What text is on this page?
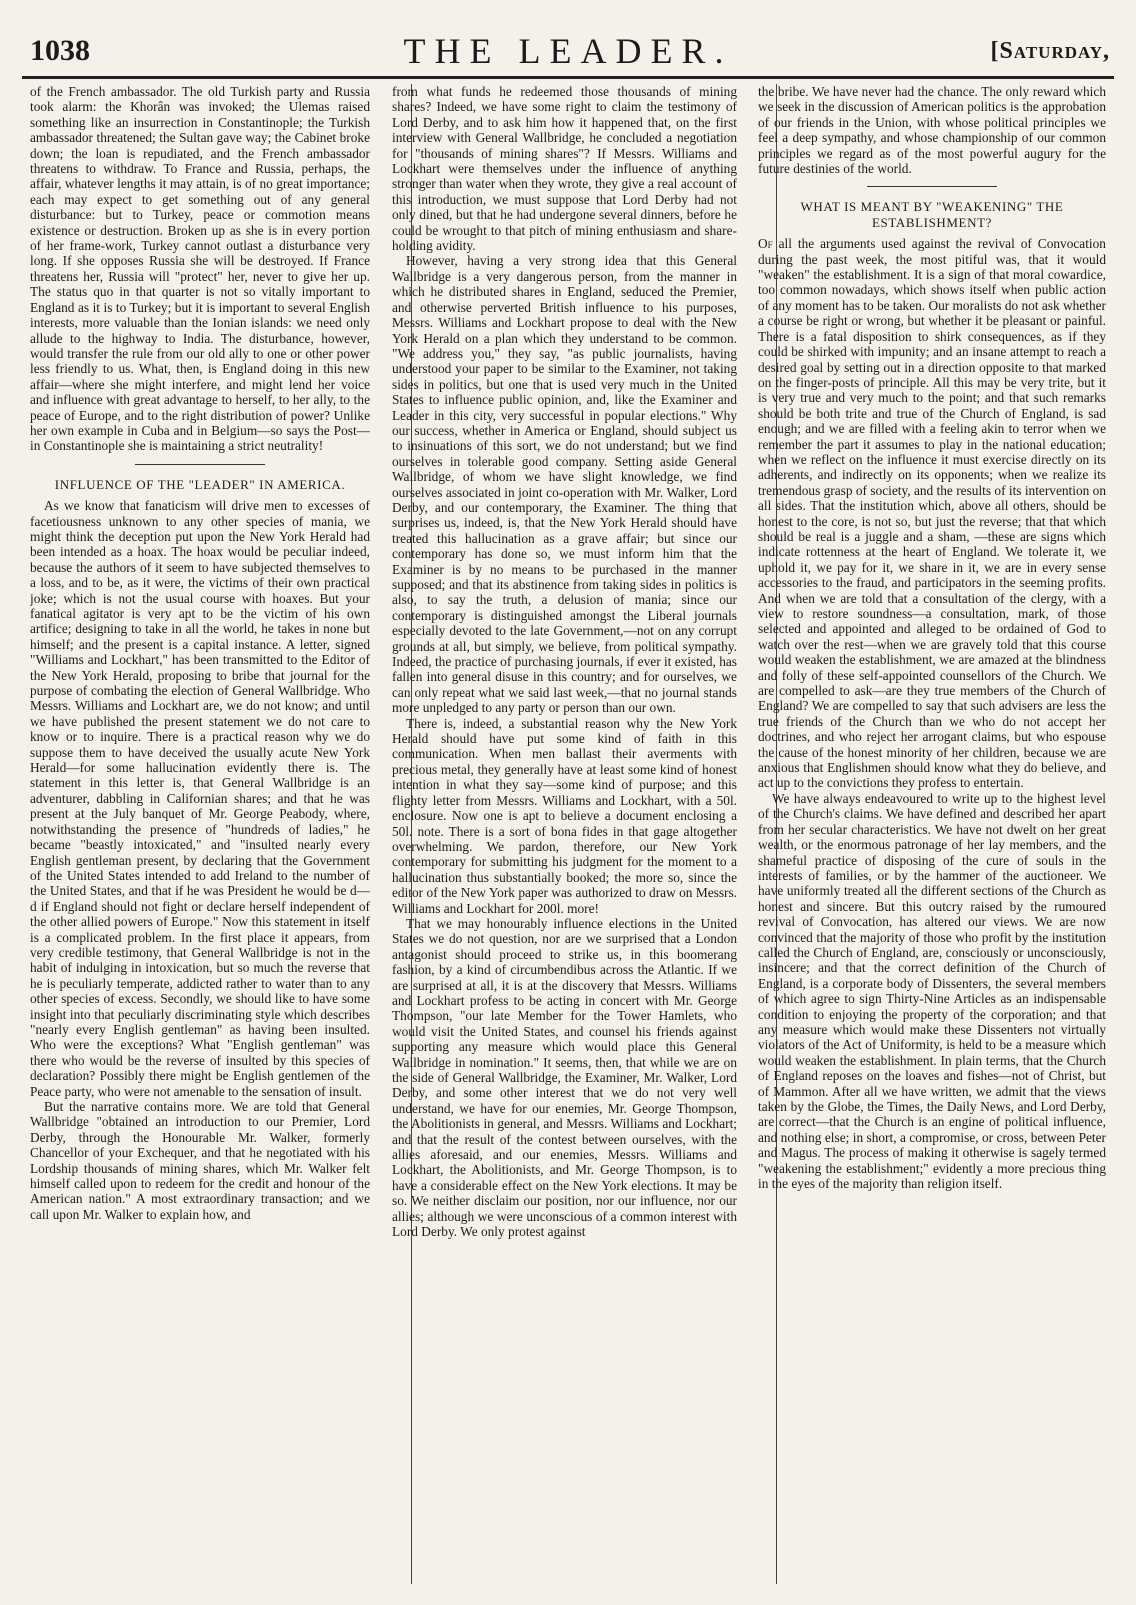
1038	THE LEADER.	[Saturday,

of the French ambassador. The old Turkish party and Russia took alarm: the Khorân was invoked; the Ulemas raised something like an insurrection in Constantinople; the Turkish ambassador threatened; the Sultan gave way; the Cabinet broke down; the loan is repudiated, and the French ambassador threatens to withdraw. To France and Russia, perhaps, the affair, whatever lengths it may attain, is of no great importance; each may expect to get something out of any general disturbance: but to Turkey, peace or commotion means existence or destruction. Broken up as she is in every portion of her frame-work, Turkey cannot outlast a disturbance very long. If she opposes Russia she will be destroyed. If France threatens her, Russia will "protect" her, never to give her up. The status quo in that quarter is not so vitally important to England as it is to Turkey; but it is important to several English interests, more valuable than the Ionian islands: we need only allude to the highway to India. The disturbance, however, would transfer the rule from our old ally to one or other power less friendly to us. What, then, is England doing in this new affair—where she might interfere, and might lend her voice and influence with great advantage to herself, to her ally, to the peace of Europe, and to the right distribution of power? Unlike her own example in Cuba and in Belgium—so says the Post—in Constantinople she is maintaining a strict neutrality!

INFLUENCE OF THE "LEADER" IN AMERICA.

As we know that fanaticism will drive men to excesses of facetiousness unknown to any other species of mania, we might think the deception put upon the New York Herald had been intended as a hoax. The hoax would be peculiar indeed, because the authors of it seem to have subjected themselves to a loss, and to be, as it were, the victims of their own practical joke; which is not the usual course with hoaxes. But your fanatical agitator is very apt to be the victim of his own artifice; designing to take in all the world, he takes in none but himself; and the present is a capital instance. A letter, signed "Williams and Lockhart," has been transmitted to the Editor of the New York Herald, proposing to bribe that journal for the purpose of combating the election of General Wallbridge. Who Messrs. Williams and Lockhart are, we do not know; and until we have published the present statement we do not care to know or to inquire. There is a practical reason why we do suppose them to have deceived the usually acute New York Herald—for some hallucination evidently there is. The statement in this letter is, that General Wallbridge is an adventurer, dabbling in Californian shares; and that he was present at the July banquet of Mr. George Peabody, where, notwithstanding the presence of "hundreds of ladies," he became "beastly intoxicated," and "insulted nearly every English gentleman present, by declaring that the Government of the United States intended to add Ireland to the number of the United States, and that if he was President he would be d—d if England should not fight or declare herself independent of the other allied powers of Europe." Now this statement in itself is a complicated problem. In the first place it appears, from very credible testimony, that General Wallbridge is not in the habit of indulging in intoxication, but so much the reverse that he is peculiarly temperate, addicted rather to water than to any other species of excess. Secondly, we should like to have some insight into that peculiarly discriminating style which describes "nearly every English gentleman" as having been insulted. Who were the exceptions? What "English gentleman" was there who would be the reverse of insulted by this species of declaration? Possibly there might be English gentlemen of the Peace party, who were not amenable to the sensation of insult.

But the narrative contains more. We are told that General Wallbridge "obtained an introduction to our Premier, Lord Derby, through the Honourable Mr. Walker, formerly Chancellor of your Exchequer, and that he negotiated with his Lordship thousands of mining shares, which Mr. Walker felt himself called upon to redeem for the credit and honour of the American nation." A most extraordinary transaction; and we call upon Mr. Walker to explain how, and

from what funds he redeemed those thousands of mining shares? Indeed, we have some right to claim the testimony of Lord Derby, and to ask him how it happened that, on the first interview with General Wallbridge, he concluded a negotiation for "thousands of mining shares"? If Messrs. Williams and Lockhart were themselves under the influence of anything stronger than water when they wrote, they give a real account of this introduction, we must suppose that Lord Derby had not only dined, but that he had undergone several dinners, before he could be wrought to that pitch of mining enthusiasm and share-holding avidity.

However, having a very strong idea that this General Wallbridge is a very dangerous person, from the manner in which he distributed shares in England, seduced the Premier, and otherwise perverted British influence to his purposes, Messrs. Williams and Lockhart propose to deal with the New York Herald on a plan which they understand to be common. "We address you," they say, "as public journalists, having understood your paper to be similar to the Examiner, not taking sides in politics, but one that is used very much in the United States to influence public opinion, and, like the Examiner and Leader in this city, very successful in popular elections." Why our success, whether in America or England, should subject us to insinuations of this sort, we do not understand; but we find ourselves in tolerable good company. Setting aside General Wallbridge, of whom we have slight knowledge, we find ourselves associated in joint co-operation with Mr. Walker, Lord Derby, and our contemporary, the Examiner. The thing that surprises us, indeed, is, that the New York Herald should have treated this hallucination as a grave affair; but since our contemporary has done so, we must inform him that the Examiner is by no means to be purchased in the manner supposed; and that its abstinence from taking sides in politics is also, to say the truth, a delusion of mania; since our contemporary is distinguished amongst the Liberal journals especially devoted to the late Government,—not on any corrupt grounds at all, but simply, we believe, from political sympathy. Indeed, the practice of purchasing journals, if ever it existed, has fallen into general disuse in this country; and for ourselves, we can only repeat what we said last week,—that no journal stands more unpledged to any party or person than our own.

There is, indeed, a substantial reason why the New York Herald should have put some kind of faith in this communication. When men ballast their averments with precious metal, they generally have at least some kind of honest intention in what they say—some kind of purpose; and this flighty letter from Messrs. Williams and Lockhart, with a 50l. enclosure. Now one is apt to believe a document enclosing a 50l. note. There is a sort of bona fides in that gage altogether overwhelming. We pardon, therefore, our New York contemporary for submitting his judgment for the moment to a hallucination thus substantially booked; the more so, since the editor of the New York paper was authorized to draw on Messrs. Williams and Lockhart for 200l. more!

That we may honourably influence elections in the United States we do not question, nor are we surprised that a London antagonist should proceed to strike us, in this boomerang fashion, by a kind of circumbendibus across the Atlantic. If we are surprised at all, it is at the discovery that Messrs. Williams and Lockhart profess to be acting in concert with Mr. George Thompson, "our late Member for the Tower Hamlets, who would visit the United States, and counsel his friends against supporting any measure which would place this General Wallbridge in nomination." It seems, then, that while we are on the side of General Wallbridge, the Examiner, Mr. Walker, Lord Derby, and some other interest that we do not very well understand, we have for our enemies, Mr. George Thompson, the Abolitionists in general, and Messrs. Williams and Lockhart; and that the result of the contest between ourselves, with the allies aforesaid, and our enemies, Messrs. Williams and Lockhart, the Abolitionists, and Mr. George Thompson, is to have a considerable effect on the New York elections. It may be so. We neither disclaim our position, nor our influence, nor our allies; although we were unconscious of a common interest with Lord Derby. We only protest against

the bribe. We have never had the chance. The only reward which we seek in the discussion of American politics is the approbation of our friends in the Union, with whose political principles we feel a deep sympathy, and whose championship of our common principles we regard as of the most powerful augury for the future destinies of the world.

WHAT IS MEANT BY "WEAKENING" THE ESTABLISHMENT?

Of all the arguments used against the revival of Convocation during the past week, the most pitiful was, that it would "weaken" the establishment. It is a sign of that moral cowardice, too common nowadays, which shows itself when public action of any moment has to be taken. Our moralists do not ask whether a course be right or wrong, but whether it be pleasant or painful. There is a fatal disposition to shirk consequences, as if they could be shirked with impunity; and an insane attempt to reach a desired goal by setting out in a direction opposite to that marked on the finger-posts of principle. All this may be very trite, but it is very true and very much to the point; and that such remarks should be both trite and true of the Church of England, is sad enough; and we are filled with a feeling akin to terror when we remember the part it assumes to play in the national education; when we reflect on the influence it must exercise directly on its adherents, and indirectly on its opponents; when we realize its tremendous grasp of society, and the results of its intervention on all sides. That the institution which, above all others, should be honest to the core, is not so, but just the reverse; that that which should be real is a juggle and a sham, —these are signs which indicate rottenness at the heart of England. We tolerate it, we uphold it, we pay for it, we share in it, we are in every sense accessories to the fraud, and participators in the seeming profits. And when we are told that a consultation of the clergy, with a view to restore soundness—a consultation, mark, of those selected and appointed and alleged to be ordained of God to watch over the rest—when we are gravely told that this course would weaken the establishment, we are amazed at the blindness and folly of these self-appointed counsellors of the Church. We are compelled to ask—are they true members of the Church of England? We are compelled to say that such advisers are less the true friends of the Church than we who do not accept her doctrines, and who reject her arrogant claims, but who espouse the cause of the honest minority of her children, because we are anxious that Englishmen should know what they do believe, and act up to the convictions they profess to entertain.

We have always endeavoured to write up to the highest level of the Church's claims. We have defined and described her apart from her secular characteristics. We have not dwelt on her great wealth, or the enormous patronage of her lay members, and the shameful practice of disposing of the cure of souls in the interests of families, or by the hammer of the auctioneer. We have uniformly treated all the different sections of the Church as honest and sincere. But this outcry raised by the rumoured revival of Convocation, has altered our views. We are now convinced that the majority of those who profit by the institution called the Church of England, are, consciously or unconsciously, insincere; and that the correct definition of the Church of England, is a corporate body of Dissenters, the several members of which agree to sign Thirty-Nine Articles as an indispensable condition to enjoying the property of the corporation; and that any measure which would make these Dissenters not virtually violators of the Act of Uniformity, is held to be a measure which would weaken the establishment. In plain terms, that the Church of England reposes on the loaves and fishes—not of Christ, but of Mammon. After all we have written, we admit that the views taken by the Globe, the Times, the Daily News, and Lord Derby, are correct—that the Church is an engine of political influence, and nothing else; in short, a compromise, or cross, between Peter and Magus. The process of making it otherwise is sagely termed "weakening the establishment;" evidently a more precious thing in the eyes of the majority than religion itself.
